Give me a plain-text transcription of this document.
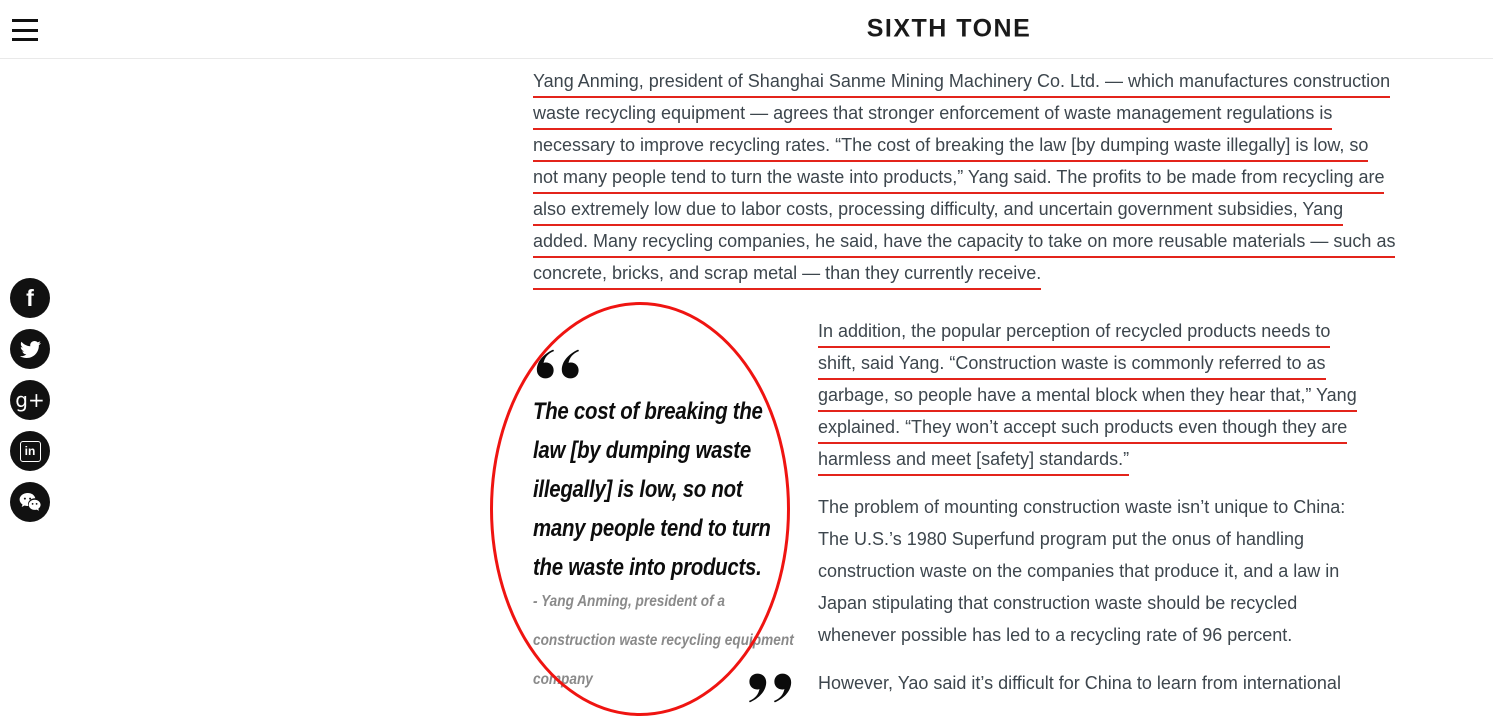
SIXTH TONE
f
g+
in
Yang Anming, president of Shanghai Sanme Mining Machinery Co. Ltd. — which manufactures construction
waste recycling equipment — agrees that stronger enforcement of waste management regulations is
necessary to improve recycling rates. “The cost of breaking the law [by dumping waste illegally] is low, so
not many people tend to turn the waste into products,” Yang said. The profits to be made from recycling are
also extremely low due to labor costs, processing difficulty, and uncertain government subsidies, Yang
added. Many recycling companies, he said, have the capacity to take on more reusable materials — such as
concrete, bricks, and scrap metal — than they currently receive.
The cost of breaking the
law [by dumping waste
illegally] is low, so not
many people tend to turn
the waste into products.
- Yang Anming, president of a
construction waste recycling equipment
company
In addition, the popular perception of recycled products needs to
shift, said Yang. “Construction waste is commonly referred to as
garbage, so people have a mental block when they hear that,” Yang
explained. “They won’t accept such products even though they are
harmless and meet [safety] standards.”
The problem of mounting construction waste isn’t unique to China:
The U.S.’s 1980 Superfund program put the onus of handling
construction waste on the companies that produce it, and a law in
Japan stipulating that construction waste should be recycled
whenever possible has led to a recycling rate of 96 percent.
However, Yao said it’s difficult for China to learn from international
